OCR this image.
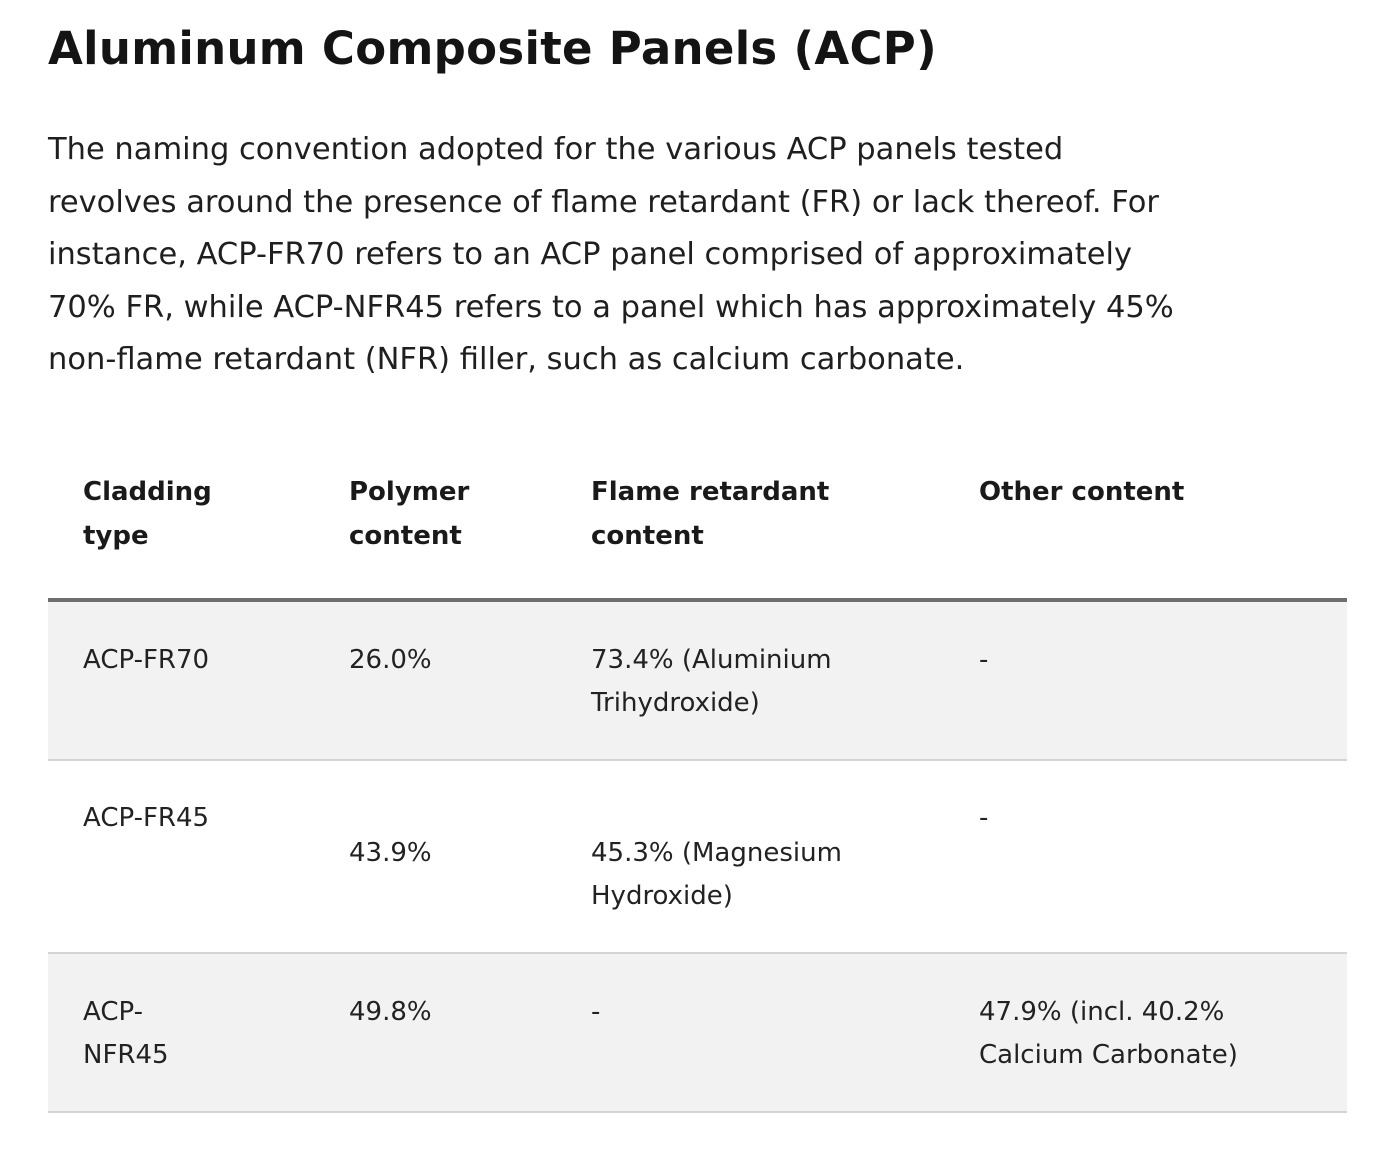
Aluminum Composite Panels (ACP)

The naming convention adopted for the various ACP panels tested
revolves around the presence of flame retardant (FR) or lack thereof. For
instance, ACP-FR70 refers to an ACP panel comprised of approximately
70% FR, while ACP-NFR45 refers to a panel which has approximately 45%
non-flame retardant (NFR) filler, such as calcium carbonate.

Cladding
type	Polymer
content	Flame retardant
content	Other content

ACP-FR70	26.0%	73.4% (Aluminium
Trihydroxide)	-

ACP-FR45	43.9%	45.3% (Magnesium
Hydroxide)	-

ACP-
NFR45	49.8%	-	47.9% (incl. 40.2%
Calcium Carbonate)
